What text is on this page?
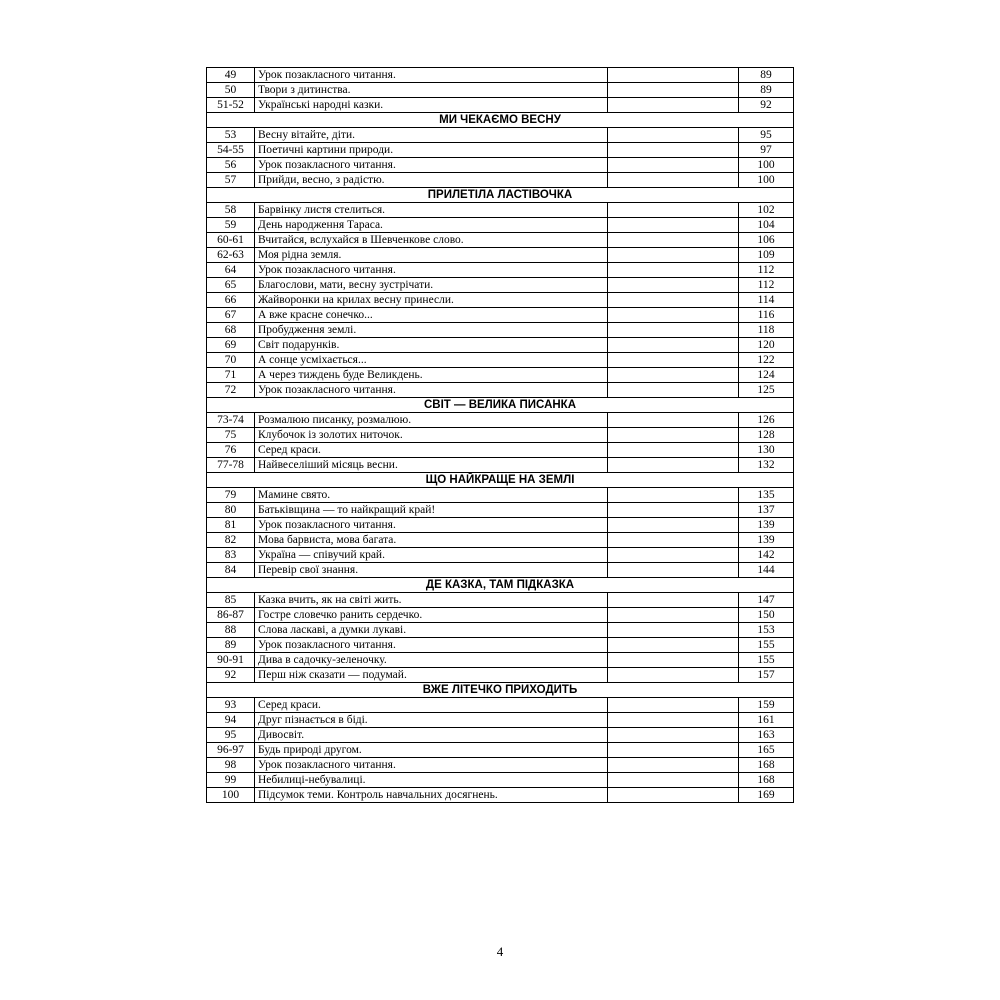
49	Урок позакласного читання.		89
50	Твори з дитинства.		89
51-52	Українські народні казки.		92
МИ ЧЕКАЄМО ВЕСНУ			
53	Весну вітайте, діти.		95
54-55	Поетичні картини природи.		97
56	Урок позакласного читання.		100
57	Прийди, весно, з радістю.		100
ПРИЛЕТІЛА ЛАСТІВОЧКА			
58	Барвінку листя стелиться.		102
59	День народження Тараса.		104
60-61	Вчитайся, вслухайся в Шевченкове слово.		106
62-63	Моя рідна земля.		109
64	Урок позакласного читання.		112
65	Благослови, мати, весну зустрічати.		112
66	Жайворонки на крилах весну принесли.		114
67	А вже красне сонечко...		116
68	Пробудження землі.		118
69	Світ подарунків.		120
70	А сонце усміхається...		122
71	А через тиждень буде Великдень.		124
72	Урок позакласного читання.		125
СВІТ — ВЕЛИКА ПИСАНКА			
73-74	Розмалюю писанку, розмалюю.		126
75	Клубочок із золотих ниточок.		128
76	Серед краси.		130
77-78	Найвеселіший місяць весни.		132
ЩО НАЙКРАЩЕ НА ЗЕМЛІ			
79	Мамине свято.		135
80	Батьківщина — то найкращий край!		137
81	Урок позакласного читання.		139
82	Мова барвиста, мова багата.		139
83	Україна — співучий край.		142
84	Перевір свої знання.		144
ДЕ КАЗКА, ТАМ ПІДКАЗКА			
85	Казка вчить, як на світі жить.		147
86-87	Гостре словечко ранить сердечко.		150
88	Слова ласкаві, а думки лукаві.		153
89	Урок позакласного читання.		155
90-91	Дива в садочку-зеленочку.		155
92	Перш ніж сказати — подумай.		157
ВЖЕ ЛІТЕЧКО ПРИХОДИТЬ			
93	Серед краси.		159
94	Друг пізнається в біді.		161
95	Дивосвіт.		163
96-97	Будь природі другом.		165
98	Урок позакласного читання.		168
99	Небилиці-небувалиці.		168
100	Підсумок теми. Контроль навчальних досягнень.		169
4
